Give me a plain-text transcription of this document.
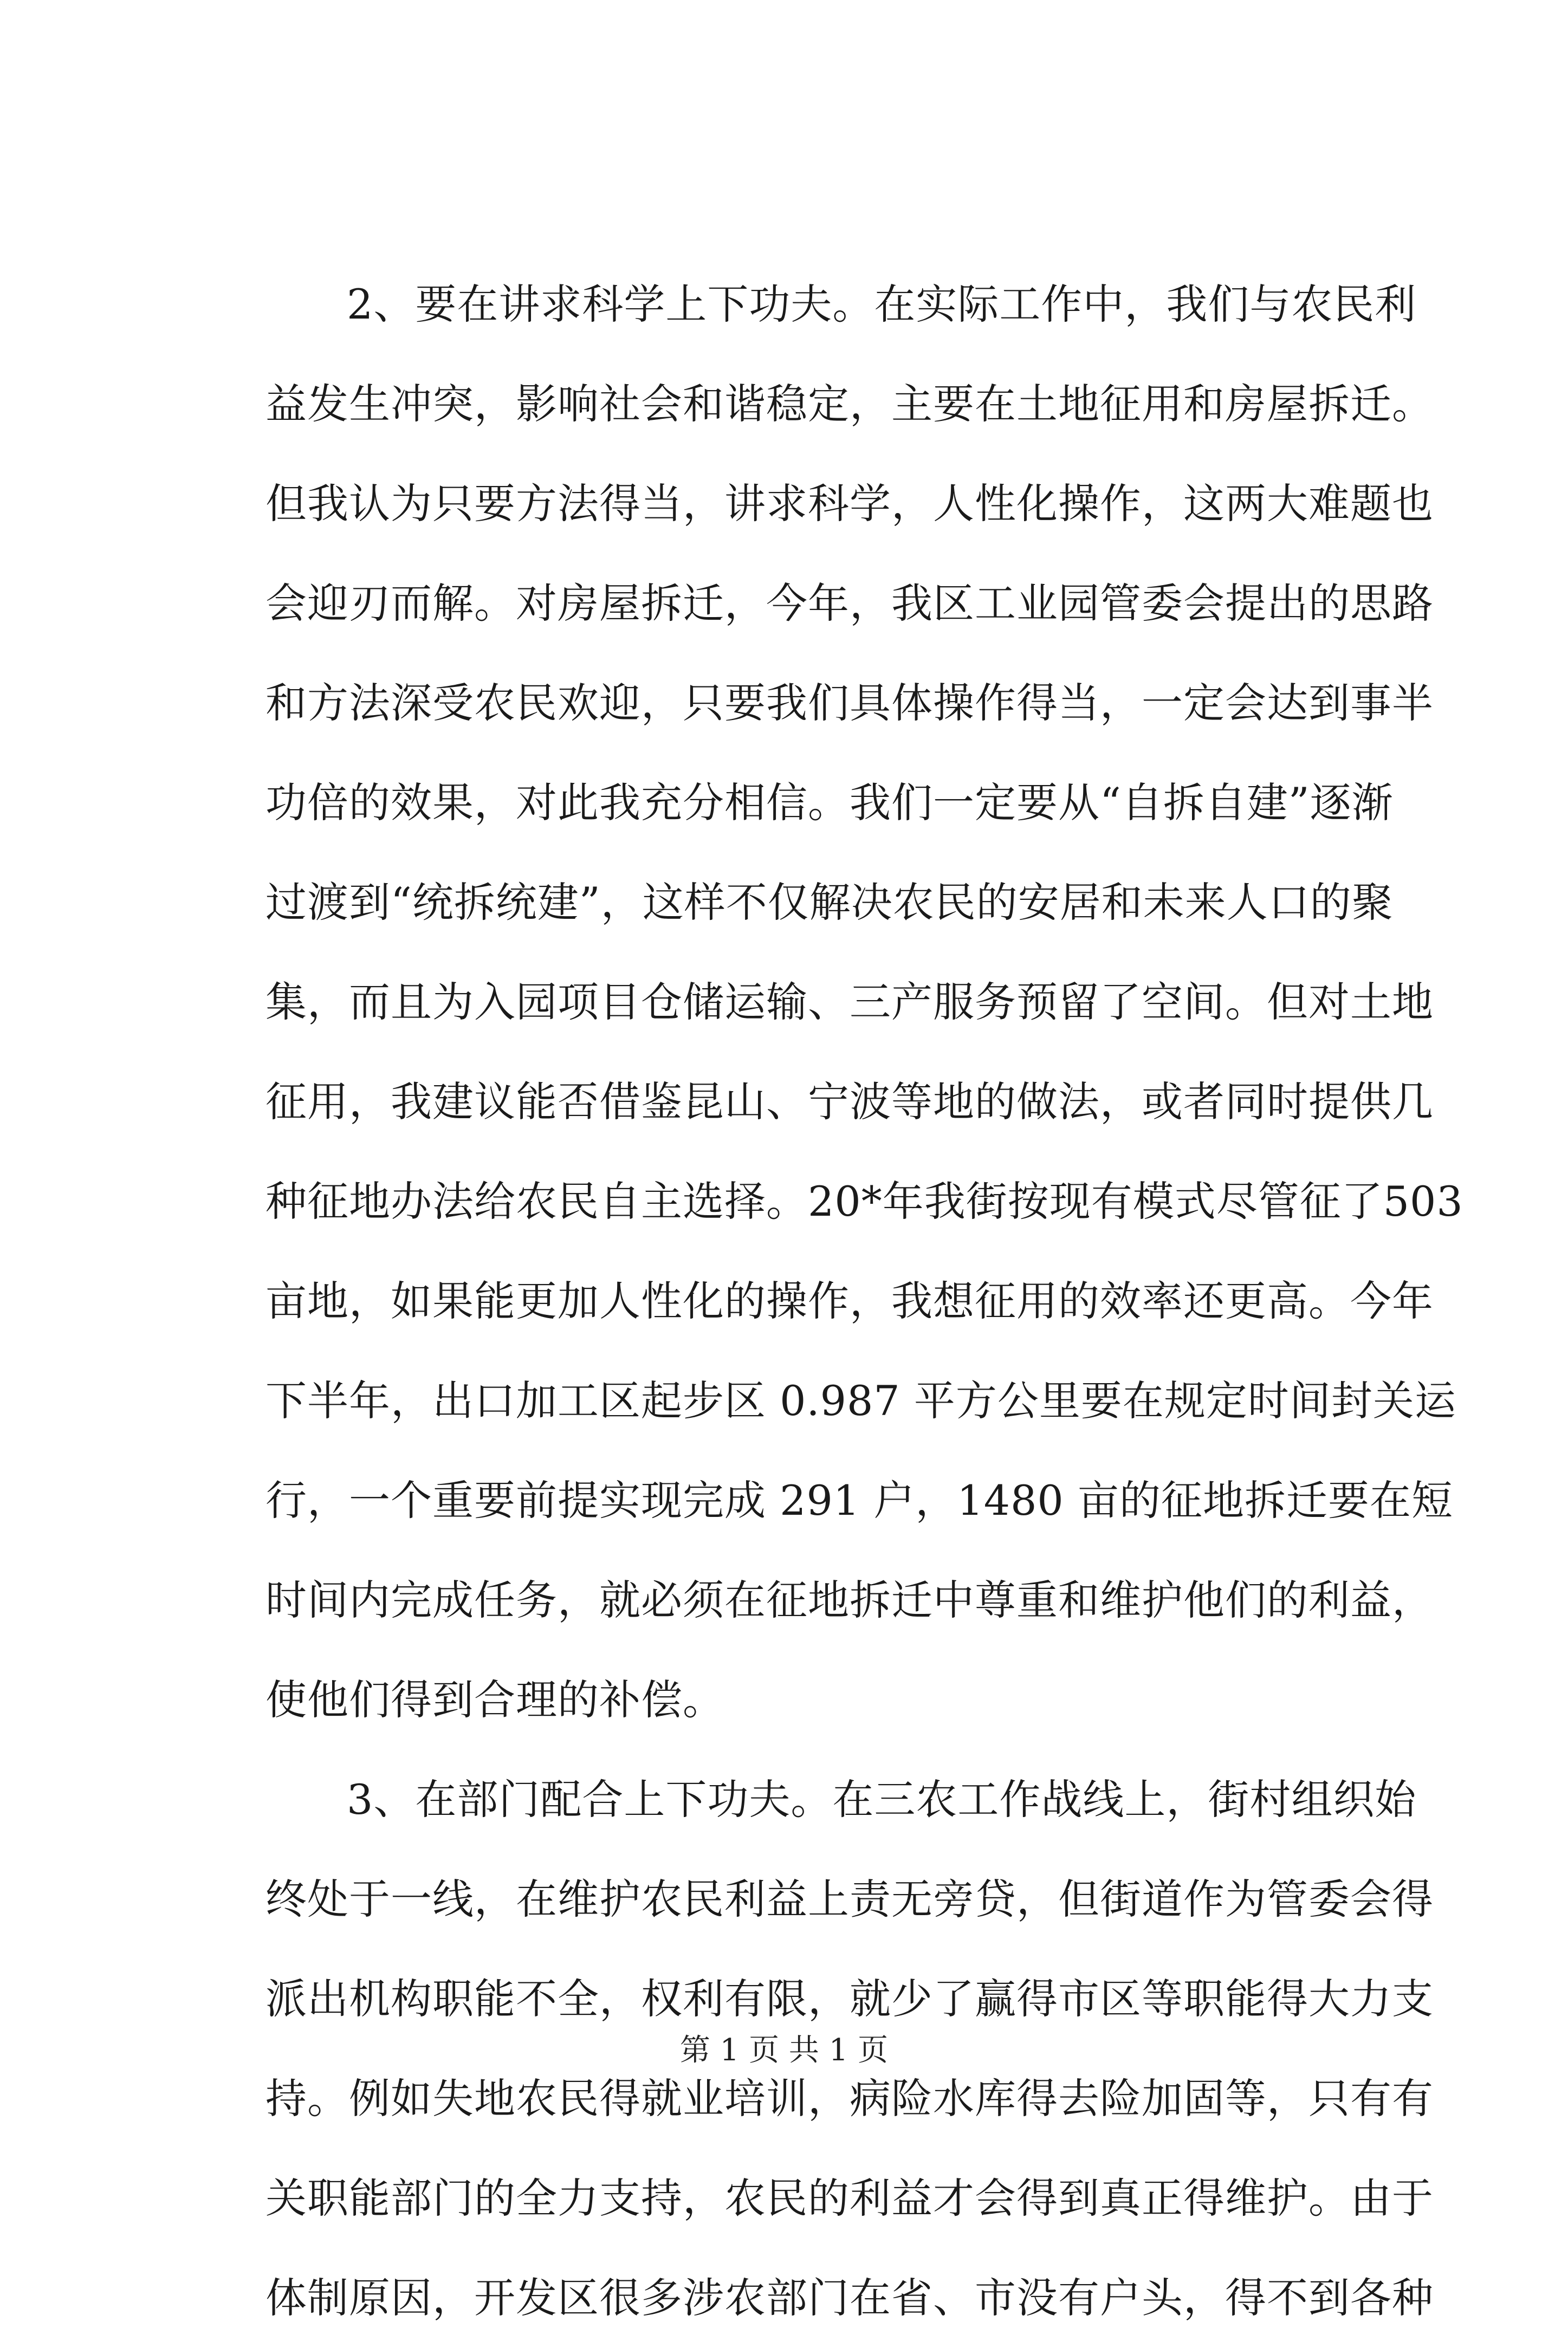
2、要在讲求科学上下功夫。在实际工作中，我们与农民利
益发生冲突，影响社会和谐稳定，主要在土地征用和房屋拆迁。
但我认为只要方法得当，讲求科学，人性化操作，这两大难题也
会迎刃而解。对房屋拆迁，今年，我区工业园管委会提出的思路
和方法深受农民欢迎，只要我们具体操作得当，一定会达到事半
功倍的效果，对此我充分相信。我们一定要从“自拆自建”逐渐
过渡到“统拆统建”，这样不仅解决农民的安居和未来人口的聚
集，而且为入园项目仓储运输、三产服务预留了空间。但对土地
征用，我建议能否借鉴昆山、宁波等地的做法，或者同时提供几
种征地办法给农民自主选择。20*年我街按现有模式尽管征了503
亩地，如果能更加人性化的操作，我想征用的效率还更高。今年
下半年，出口加工区起步区 0.987 平方公里要在规定时间封关运
行，一个重要前提实现完成 291 户，1480 亩的征地拆迁要在短
时间内完成任务，就必须在征地拆迁中尊重和维护他们的利益，
使他们得到合理的补偿。
3、在部门配合上下功夫。在三农工作战线上，街村组织始
终处于一线，在维护农民利益上责无旁贷，但街道作为管委会得
派出机构职能不全，权利有限，就少了赢得市区等职能得大力支
持。例如失地农民得就业培训，病险水库得去险加固等，只有有
关职能部门的全力支持，农民的利益才会得到真正得维护。由于
体制原因，开发区很多涉农部门在省、市没有户头，得不到各种
第 1 页 共 1 页
